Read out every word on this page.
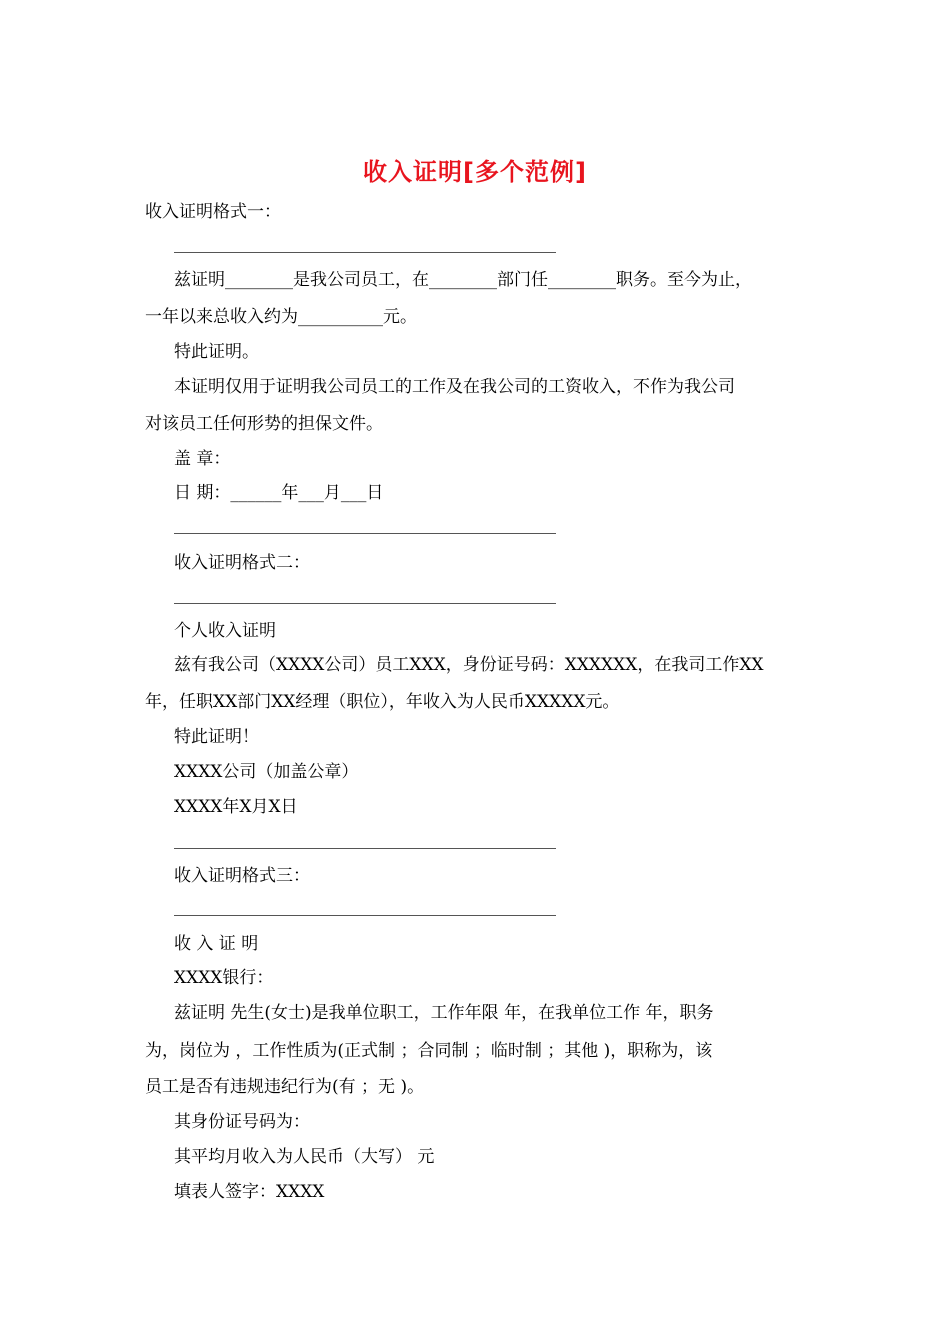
收入证明[多个范例]
收入证明格式一：
兹证明________是我公司员工，在________部门任________职务。至今为止，
一年以来总收入约为__________元。
特此证明。
本证明仅用于证明我公司员工的工作及在我公司的工资收入，不作为我公司
对该员工任何形势的担保文件。
盖 章：
日 期：______年___月___日
收入证明格式二：
个人收入证明
兹有我公司（XXXX公司）员工XXX，身份证号码：XXXXXX，在我司工作XX
年，任职XX部门XX经理（职位），年收入为人民币XXXXX元。
特此证明！
XXXX公司（加盖公章）
XXXX年X月X日
收入证明格式三：
收 入 证 明
XXXX银行：
兹证明 先生(女士)是我单位职工，工作年限 年，在我单位工作 年，职务
为，岗位为 ，工作性质为(正式制 ；合同制 ；临时制 ；其他 )，职称为，该
员工是否有违规违纪行为(有 ；无 )。
其身份证号码为：
其平均月收入为人民币（大写） 元
填表人签字：XXXX
